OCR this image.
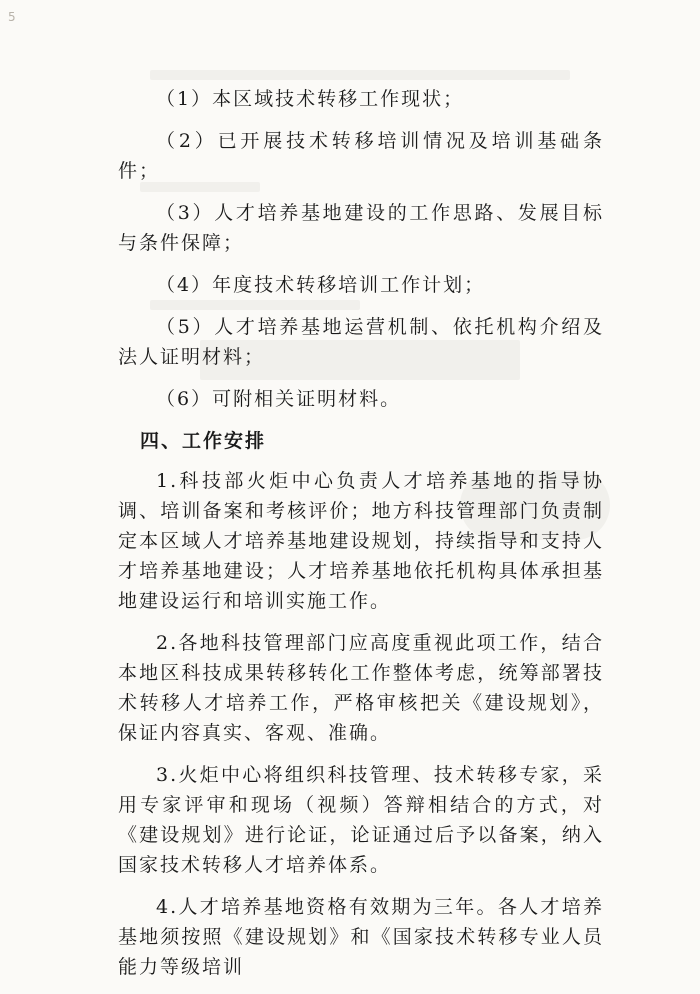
5

（1）本区域技术转移工作现状；

（2）已开展技术转移培训情况及培训基础条件；

（3）人才培养基地建设的工作思路、发展目标与条件保障；

（4）年度技术转移培训工作计划；

（5）人才培养基地运营机制、依托机构介绍及法人证明材料；

（6）可附相关证明材料。

四、工作安排

1.科技部火炬中心负责人才培养基地的指导协调、培训备案和考核评价；地方科技管理部门负责制定本区域人才培养基地建设规划，持续指导和支持人才培养基地建设；人才培养基地依托机构具体承担基地建设运行和培训实施工作。

2.各地科技管理部门应高度重视此项工作，结合本地区科技成果转移转化工作整体考虑，统筹部署技术转移人才培养工作，严格审核把关《建设规划》，保证内容真实、客观、准确。

3.火炬中心将组织科技管理、技术转移专家，采用专家评审和现场（视频）答辩相结合的方式，对《建设规划》进行论证，论证通过后予以备案，纳入国家技术转移人才培养体系。

4.人才培养基地资格有效期为三年。各人才培养基地须按照《建设规划》和《国家技术转移专业人员能力等级培训
